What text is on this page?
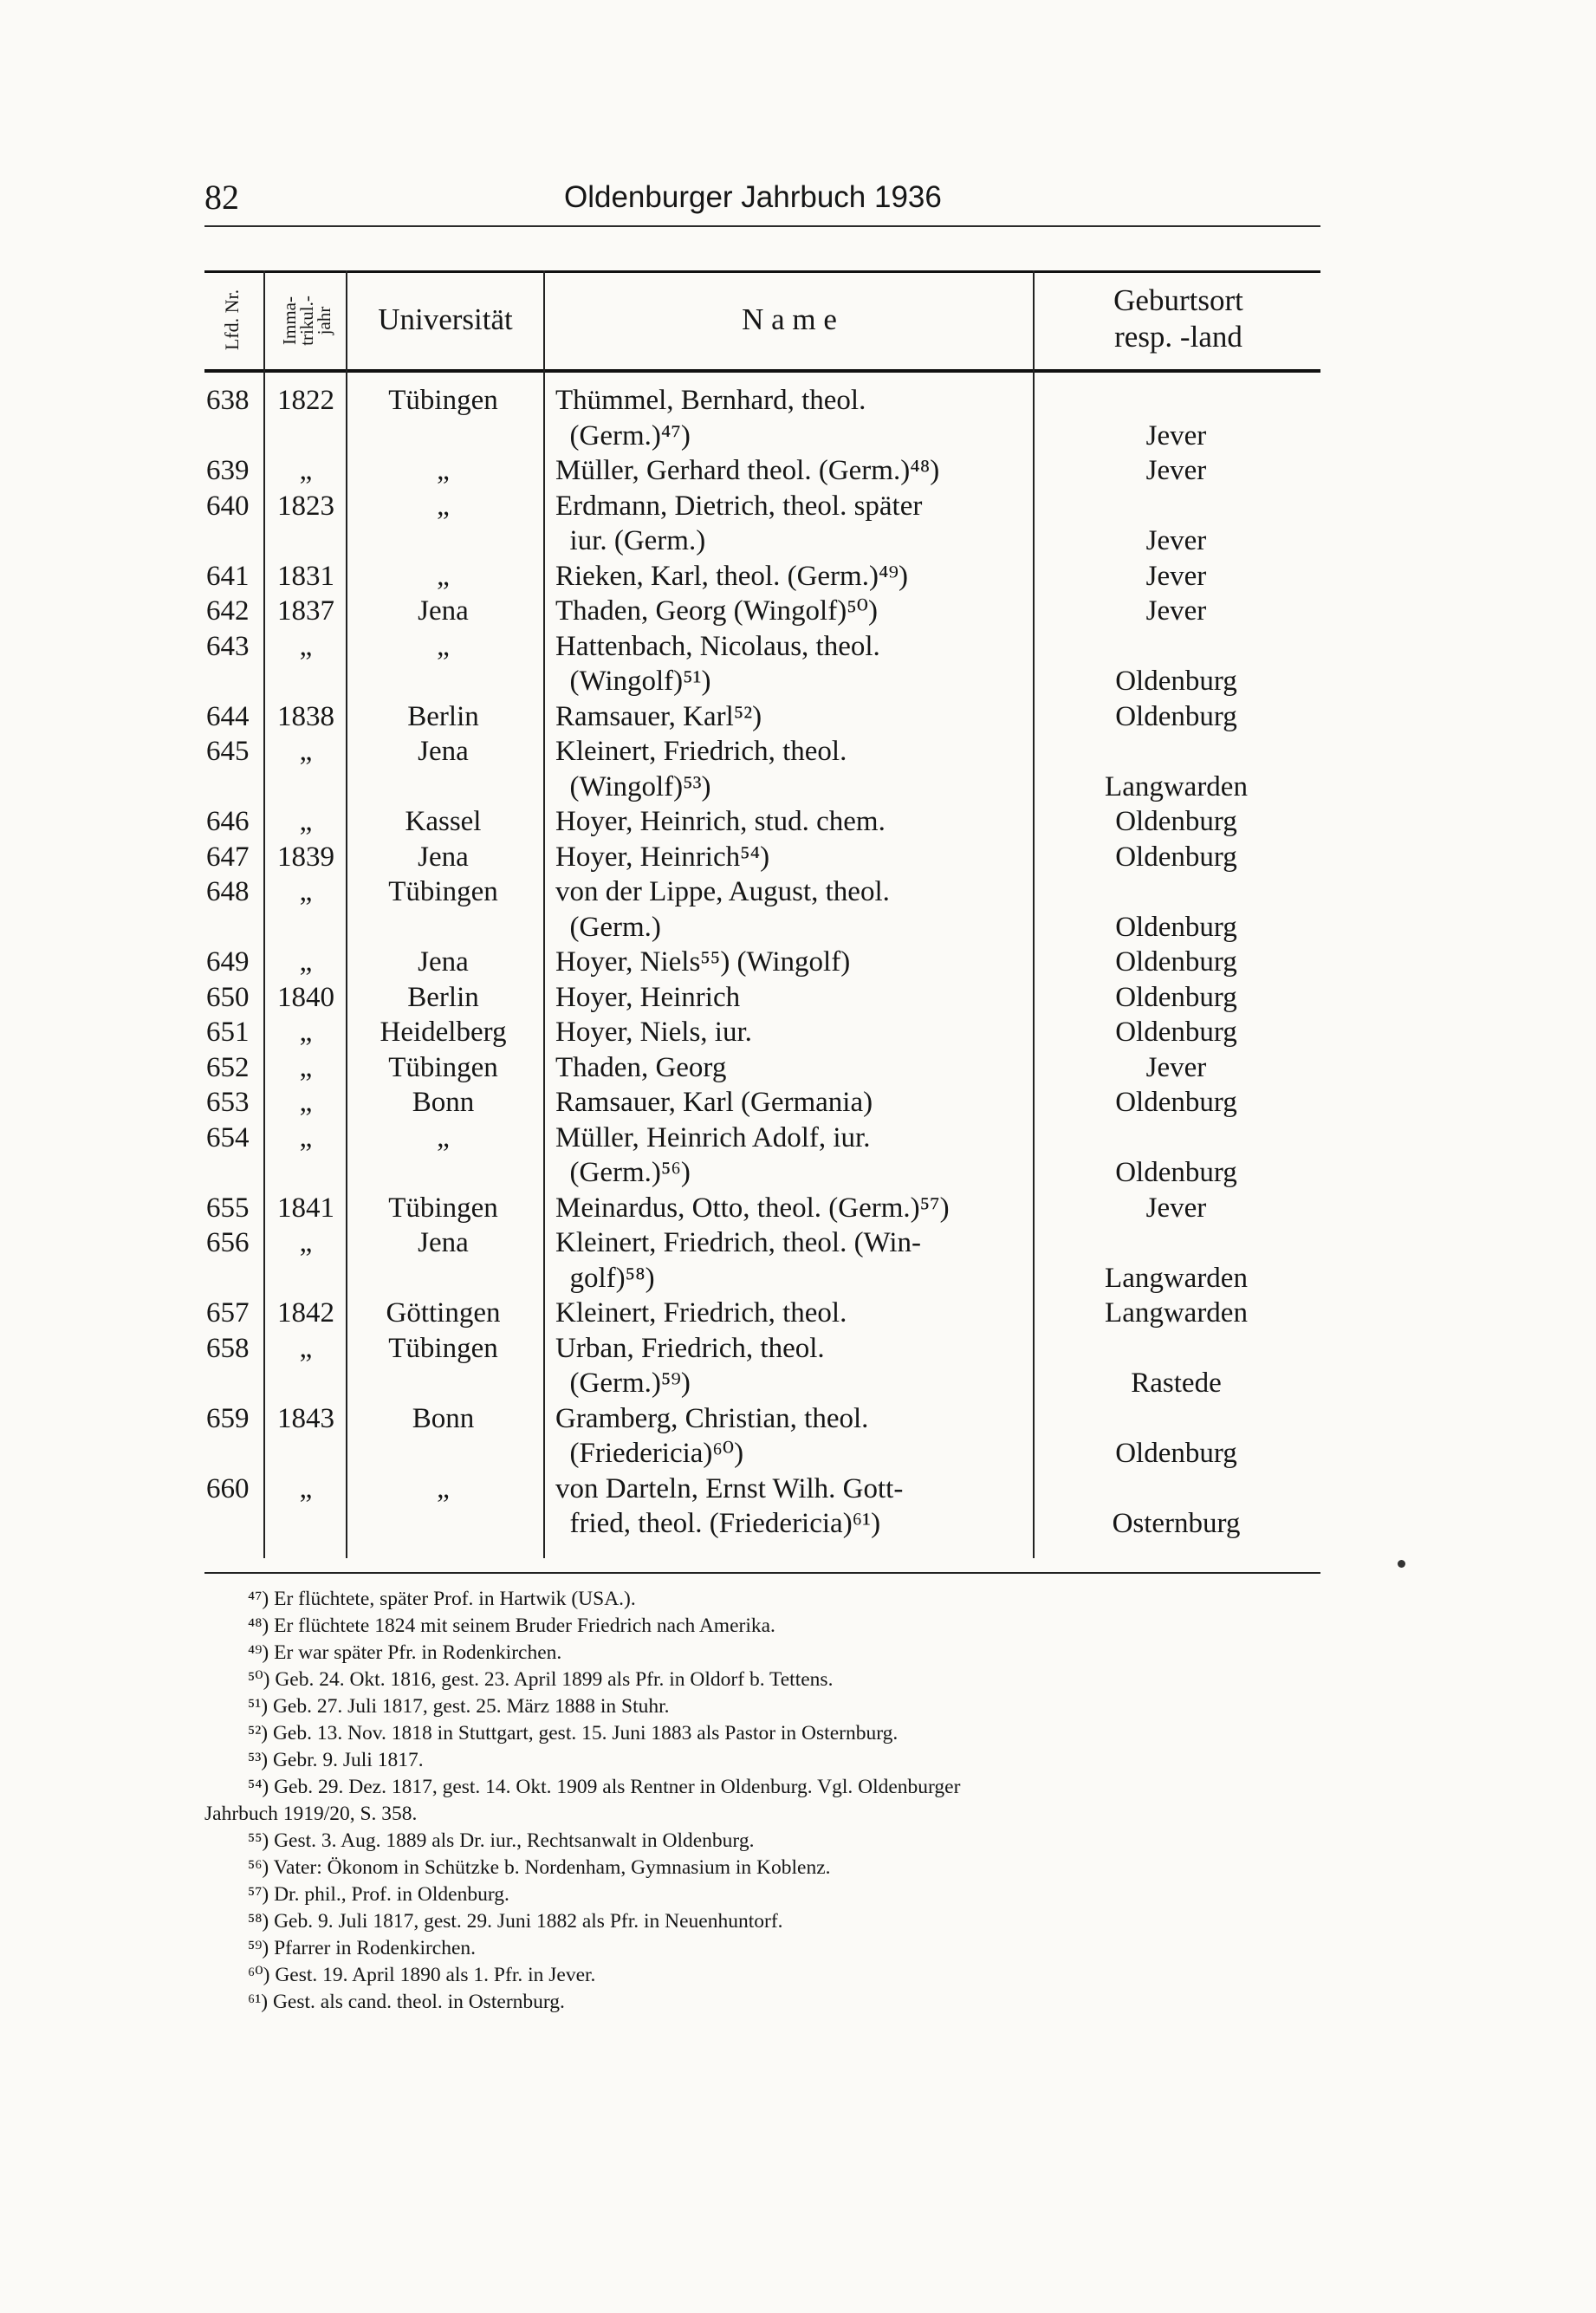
82	Oldenburger Jahrbuch 1936
Lfd. Nr. Imma-
trikul.-
jahr	Universität	N a m e
Geburtsort
resp. -land
638 1822	Tübingen	Thümmel, Bernhard, theol.
(Germ.)⁴⁷)	Jever
639	„	„	Müller, Gerhard theol. (Germ.)⁴⁸)	Jever
640 1823	„	Erdmann, Dietrich, theol. später
iur. (Germ.)	Jever
641 1831	„	Rieken, Karl, theol. (Germ.)⁴⁹)	Jever
642 1837	Jena	Thaden, Georg (Wingolf)⁵⁰)	Jever
643	„	„	Hattenbach, Nicolaus, theol.
(Wingolf)⁵¹)	Oldenburg
644 1838	Berlin	Ramsauer, Karl⁵²)	Oldenburg
645	„	Jena	Kleinert, Friedrich, theol.
(Wingolf)⁵³)	Langwarden
646	„	Kassel	Hoyer, Heinrich, stud. chem.	Oldenburg
647 1839	Jena	Hoyer, Heinrich⁵⁴)	Oldenburg
648	„	Tübingen	von der Lippe, August, theol.
(Germ.)	Oldenburg
649	„	Jena	Hoyer, Niels⁵⁵) (Wingolf)	Oldenburg
650 1840	Berlin	Hoyer, Heinrich	Oldenburg
651	„	Heidelberg	Hoyer, Niels, iur.	Oldenburg
652	„	Tübingen	Thaden, Georg	Jever
653	„	Bonn	Ramsauer, Karl (Germania)	Oldenburg
654	„	„	Müller, Heinrich Adolf, iur.
(Germ.)⁵⁶)	Oldenburg
655 1841	Tübingen	Meinardus, Otto, theol. (Germ.)⁵⁷)	Jever
656	„	Jena	Kleinert, Friedrich, theol. (Win-
golf)⁵⁸)	Langwarden
657 1842	Göttingen	Kleinert, Friedrich, theol.	Langwarden
658	„	Tübingen	Urban, Friedrich, theol.
(Germ.)⁵⁹)	Rastede
659 1843	Bonn	Gramberg, Christian, theol.
(Friedericia)⁶⁰)	Oldenburg
660	„	„	von Darteln, Ernst Wilh. Gott-
fried, theol. (Friedericia)⁶¹)	Osternburg
⁴⁷) Er flüchtete, später Prof. in Hartwik (USA.).
⁴⁸) Er flüchtete 1824 mit seinem Bruder Friedrich nach Amerika.
⁴⁹) Er war später Pfr. in Rodenkirchen.
⁵⁰) Geb. 24. Okt. 1816, gest. 23. April 1899 als Pfr. in Oldorf b. Tettens.
⁵¹) Geb. 27. Juli 1817, gest. 25. März 1888 in Stuhr.
⁵²) Geb. 13. Nov. 1818 in Stuttgart, gest. 15. Juni 1883 als Pastor in Osternburg.
⁵³) Gebr. 9. Juli 1817.
⁵⁴) Geb. 29. Dez. 1817, gest. 14. Okt. 1909 als Rentner in Oldenburg. Vgl. Oldenburger
Jahrbuch 1919/20, S. 358.
⁵⁵) Gest. 3. Aug. 1889 als Dr. iur., Rechtsanwalt in Oldenburg.
⁵⁶) Vater: Ökonom in Schützke b. Nordenham, Gymnasium in Koblenz.
⁵⁷) Dr. phil., Prof. in Oldenburg.
⁵⁸) Geb. 9. Juli 1817, gest. 29. Juni 1882 als Pfr. in Neuenhuntorf.
⁵⁹) Pfarrer in Rodenkirchen.
⁶⁰) Gest. 19. April 1890 als 1. Pfr. in Jever.
⁶¹) Gest. als cand. theol. in Osternburg.
